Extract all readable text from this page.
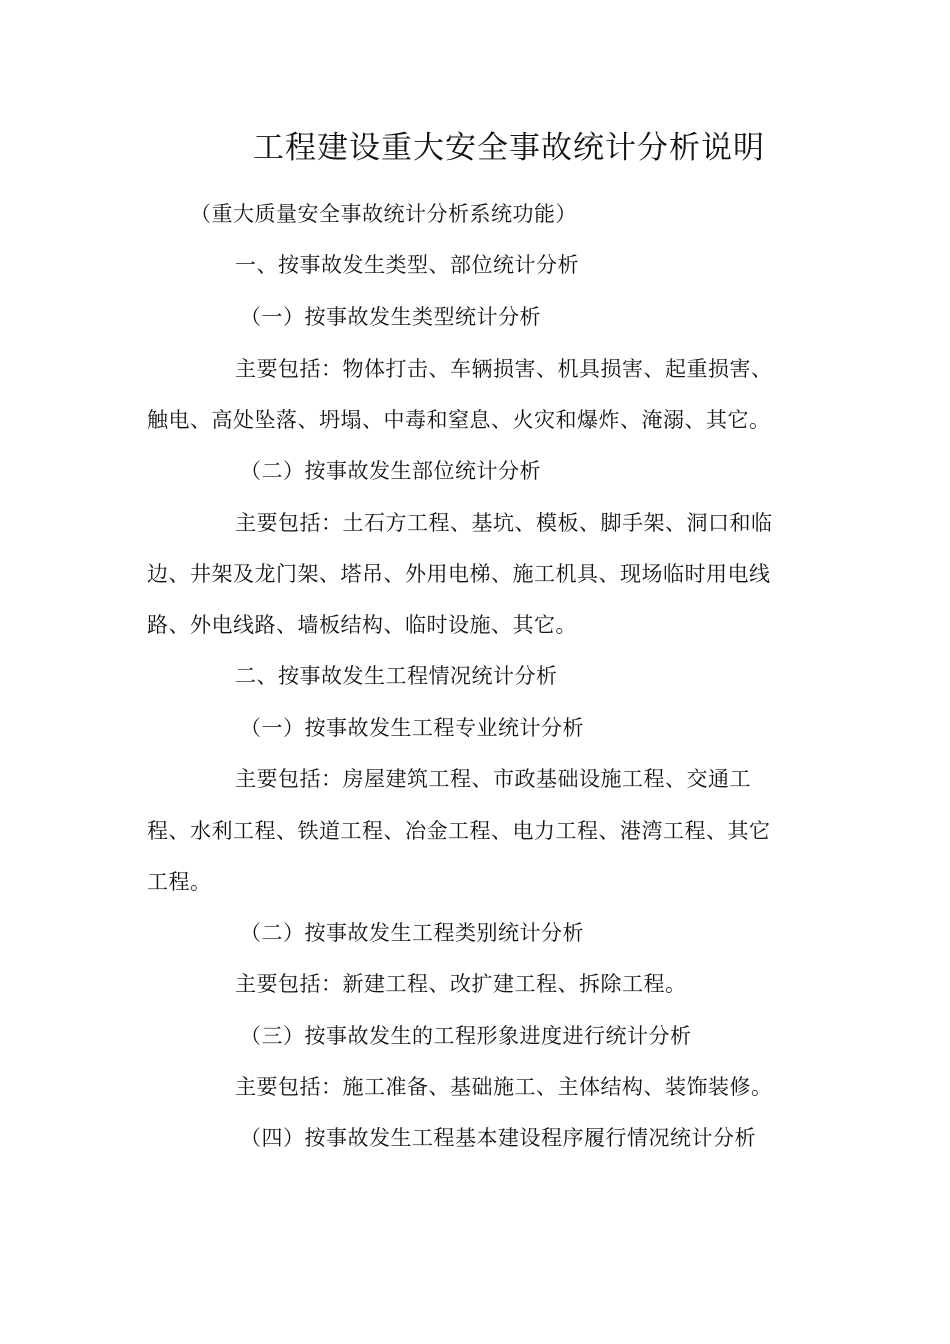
工程建设重大安全事故统计分析说明
（重大质量安全事故统计分析系统功能）
一、按事故发生类型、部位统计分析
（一）按事故发生类型统计分析
主要包括：物体打击、车辆损害、机具损害、起重损害、
触电、高处坠落、坍塌、中毒和窒息、火灾和爆炸、淹溺、其它。
（二）按事故发生部位统计分析
主要包括：土石方工程、基坑、模板、脚手架、洞口和临
边、井架及龙门架、塔吊、外用电梯、施工机具、现场临时用电线
路、外电线路、墙板结构、临时设施、其它。
二、按事故发生工程情况统计分析
（一）按事故发生工程专业统计分析
主要包括：房屋建筑工程、市政基础设施工程、交通工
程、水利工程、铁道工程、冶金工程、电力工程、港湾工程、其它
工程。
（二）按事故发生工程类别统计分析
主要包括：新建工程、改扩建工程、拆除工程。
（三）按事故发生的工程形象进度进行统计分析
主要包括：施工准备、基础施工、主体结构、装饰装修。
（四）按事故发生工程基本建设程序履行情况统计分析
